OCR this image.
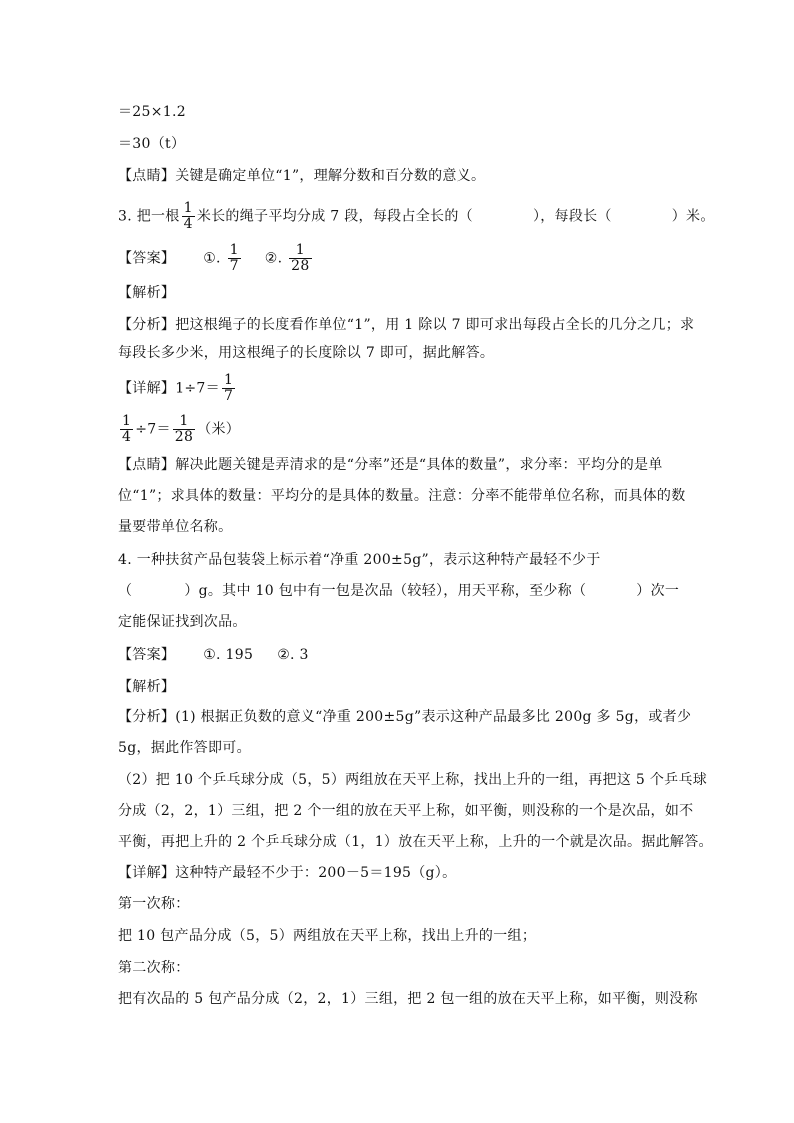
＝25×1.2
＝30（t）
【点睛】关键是确定单位“1”，理解分数和百分数的意义。
3. 把一根 $\frac{1}{4}$ 米长的绳子平均分成 7 段，每段占全长的（	），每段长（	）米。
【答案】 ①. $\frac{1}{7}$ ②. $\frac{1}{28}$
【解析】
【分析】把这根绳子的长度看作单位“1”，用 1 除以 7 即可求出每段占全长的几分之几；求
每段长多少米，用这根绳子的长度除以 7 即可，据此解答。
【详解】$1\div 7= \frac{1}{7}$
$\frac{1}{4} \div 7= \frac{1}{28}$ （米）
【点睛】解决此题关键是弄清求的是“分率”还是“具体的数量”，求分率：平均分的是单
位“1”；求具体的数量：平均分的是具体的数量。注意：分率不能带单位名称，而具体的数
量要带单位名称。
4. 一种扶贫产品包装袋上标示着“净重 200±5g”，表示这种特产最轻不少于
（	）g。其中 10 包中有一包是次品（较轻），用天平称，至少称（	）次一
定能保证找到次品。
【答案】 ①. 195 ②. 3
【解析】
【分析】(1) 根据正负数的意义“净重 200±5g”表示这种产品最多比 200g 多 5g，或者少
5g，据此作答即可。
（2）把 10 个乒乓球分成（5，5）两组放在天平上称，找出上升的一组，再把这 5 个乒乓球
分成（2，2，1）三组，把 2 个一组的放在天平上称，如平衡，则没称的一个是次品，如不
平衡，再把上升的 2 个乒乓球分成（1，1）放在天平上称，上升的一个就是次品。据此解答。
【详解】这种特产最轻不少于：200－5＝195（g）。
第一次称：
把 10 包产品分成（5，5）两组放在天平上称，找出上升的一组；
第二次称：
把有次品的 5 包产品分成（2，2，1）三组，把 2 包一组的放在天平上称，如平衡，则没称
